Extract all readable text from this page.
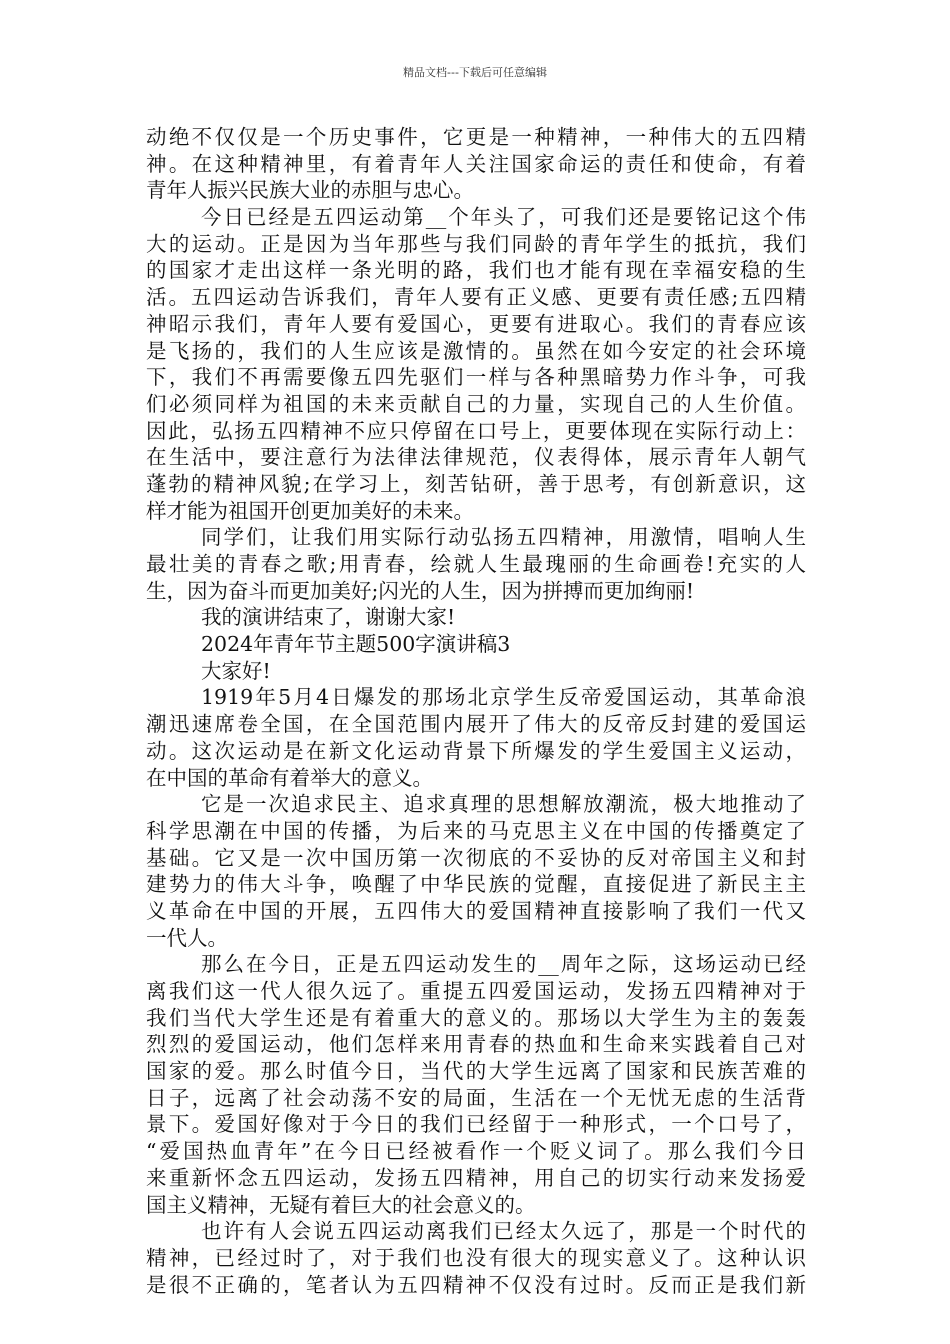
精品文档---下载后可任意编辑
动绝不仅仅是一个历史事件，它更是一种精神，一种伟大的五四精
神。在这种精神里，有着青年人关注国家命运的责任和使命，有着
青年人振兴民族大业的赤胆与忠心。
今日已经是五四运动第__个年头了，可我们还是要铭记这个伟
大的运动。正是因为当年那些与我们同龄的青年学生的抵抗，我们
的国家才走出这样一条光明的路，我们也才能有现在幸福安稳的生
活。五四运动告诉我们，青年人要有正义感、更要有责任感;五四精
神昭示我们，青年人要有爱国心，更要有进取心。我们的青春应该
是飞扬的，我们的人生应该是激情的。虽然在如今安定的社会环境
下，我们不再需要像五四先驱们一样与各种黑暗势力作斗争，可我
们必须同样为祖国的未来贡献自己的力量，实现自己的人生价值。
因此，弘扬五四精神不应只停留在口号上，更要体现在实际行动上：
在生活中，要注意行为法律法律规范，仪表得体，展示青年人朝气
蓬勃的精神风貌;在学习上，刻苦钻研，善于思考，有创新意识，这
样才能为祖国开创更加美好的未来。
同学们，让我们用实际行动弘扬五四精神，用激情，唱响人生
最壮美的青春之歌;用青春，绘就人生最瑰丽的生命画卷!充实的人
生，因为奋斗而更加美好;闪光的人生，因为拼搏而更加绚丽!
我的演讲结束了，谢谢大家!
2024年青年节主题500字演讲稿3
大家好!
1919年5月4日爆发的那场北京学生反帝爱国运动，其革命浪
潮迅速席卷全国，在全国范围内展开了伟大的反帝反封建的爱国运
动。这次运动是在新文化运动背景下所爆发的学生爱国主义运动，
在中国的革命有着举大的意义。
它是一次追求民主、追求真理的思想解放潮流，极大地推动了
科学思潮在中国的传播，为后来的马克思主义在中国的传播奠定了
基础。它又是一次中国历第一次彻底的不妥协的反对帝国主义和封
建势力的伟大斗争，唤醒了中华民族的觉醒，直接促进了新民主主
义革命在中国的开展，五四伟大的爱国精神直接影响了我们一代又
一代人。
那么在今日，正是五四运动发生的__周年之际，这场运动已经
离我们这一代人很久远了。重提五四爱国运动，发扬五四精神对于
我们当代大学生还是有着重大的意义的。那场以大学生为主的轰轰
烈烈的爱国运动，他们怎样来用青春的热血和生命来实践着自己对
国家的爱。那么时值今日，当代的大学生远离了国家和民族苦难的
日子，远离了社会动荡不安的局面，生活在一个无忧无虑的生活背
景下。爱国好像对于今日的我们已经留于一种形式，一个口号了，
“爱国热血青年”在今日已经被看作一个贬义词了。那么我们今日
来重新怀念五四运动，发扬五四精神，用自己的切实行动来发扬爱
国主义精神，无疑有着巨大的社会意义的。
也许有人会说五四运动离我们已经太久远了，那是一个时代的
精神，已经过时了，对于我们也没有很大的现实意义了。这种认识
是很不正确的，笔者认为五四精神不仅没有过时。反而正是我们新
